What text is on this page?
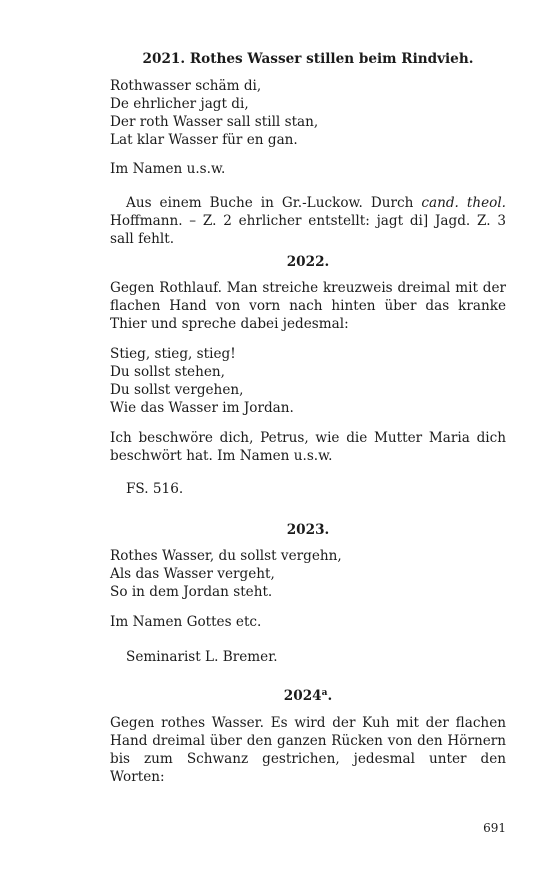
2021. Rothes Wasser stillen beim Rindvieh.
Rothwasser schäm di,
De ehrlicher jagt di,
Der roth Wasser sall still stan,
Lat klar Wasser für en gan.
Im Namen u.s.w.
Aus einem Buche in Gr.-Luckow. Durch cand. theol. Hoffmann. – Z. 2 ehrlicher entstellt: jagt di] Jagd. Z. 3 sall fehlt.
2022.
Gegen Rothlauf. Man streiche kreuzweis dreimal mit der flachen Hand von vorn nach hinten über das kranke Thier und spreche dabei jedesmal:
Stieg, stieg, stieg!
Du sollst stehen,
Du sollst vergehen,
Wie das Wasser im Jordan.
Ich beschwöre dich, Petrus, wie die Mutter Maria dich beschwört hat. Im Namen u.s.w.
FS. 516.
2023.
Rothes Wasser, du sollst vergehn,
Als das Wasser vergeht,
So in dem Jordan steht.
Im Namen Gottes etc.
Seminarist L. Bremer.
2024$^a$.
Gegen rothes Wasser. Es wird der Kuh mit der flachen Hand dreimal über den ganzen Rücken von den Hörnern bis zum Schwanz gestrichen, jedesmal unter den Worten:
691
